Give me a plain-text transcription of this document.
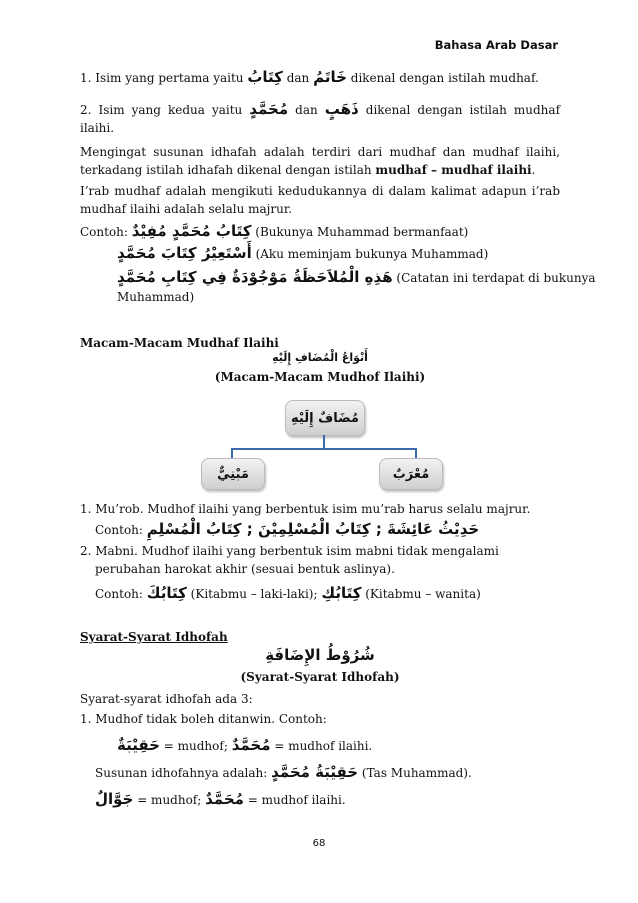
Bahasa Arab Dasar
1. Isim yang pertama yaitu كِتَابُ dan خَاتَمُ dikenal dengan istilah mudhaf.
2. Isim yang kedua yaitu مُحَمَّدٍ dan ذَهَبٍ dikenal dengan istilah mudhaf ilaihi.
Mengingat susunan idhafah adalah terdiri dari mudhaf dan mudhaf ilaihi, terkadang istilah idhafah dikenal dengan istilah mudhaf – mudhaf ilaihi.
I’rab mudhaf adalah mengikuti kedudukannya di dalam kalimat adapun i’rab mudhaf ilaihi adalah selalu majrur.
Contoh: كِتَابُ مُحَمَّدٍ مُفِيْدٌ (Bukunya Muhammad bermanfaat)
أَسْتَعِيْرُ كِتَابَ مُحَمَّدٍ (Aku meminjam bukunya Muhammad)
هَذِهِ الْمُلاَحَظَةُ مَوْجُوْدَةٌ فِي كِتَابِ مُحَمَّدٍ (Catatan ini terdapat di bukunya
Muhammad)
Macam-Macam Mudhaf Ilaihi
أَنْوَاعُ الْمُضَافِ إِلَيْهِ
(Macam-Macam Mudhof Ilaihi)
مُضَافٌ إِلَيْهِ
مَبْنِيٌّ	مُعْرَبٌ
1. Mu’rob. Mudhof ilaihi yang berbentuk isim mu’rab harus selalu majrur.
Contoh: حَدِيْثُ عَائِشَةَ ; كِتَابُ الْمُسْلِمِيْنَ ; كِتَابُ الْمُسْلِمِ
2. Mabni. Mudhof ilaihi yang berbentuk isim mabni tidak mengalami
perubahan harokat akhir (sesuai bentuk aslinya).
Contoh: كِتَابُكَ (Kitabmu – laki-laki); كِتَابُكِ (Kitabmu – wanita)
Syarat-Syarat Idhofah
شُرُوْطُ الإِضَافَةِ
(Syarat-Syarat Idhofah)
Syarat-syarat idhofah ada 3:
1. Mudhof tidak boleh ditanwin. Contoh:
حَقِيْبَةٌ = mudhof; مُحَمَّدٌ = mudhof ilaihi.
Susunan idhofahnya adalah: حَقِيْبَةُ مُحَمَّدٍ (Tas Muhammad).
جَوَّالٌ = mudhof; مُحَمَّدٌ = mudhof ilaihi.
68
